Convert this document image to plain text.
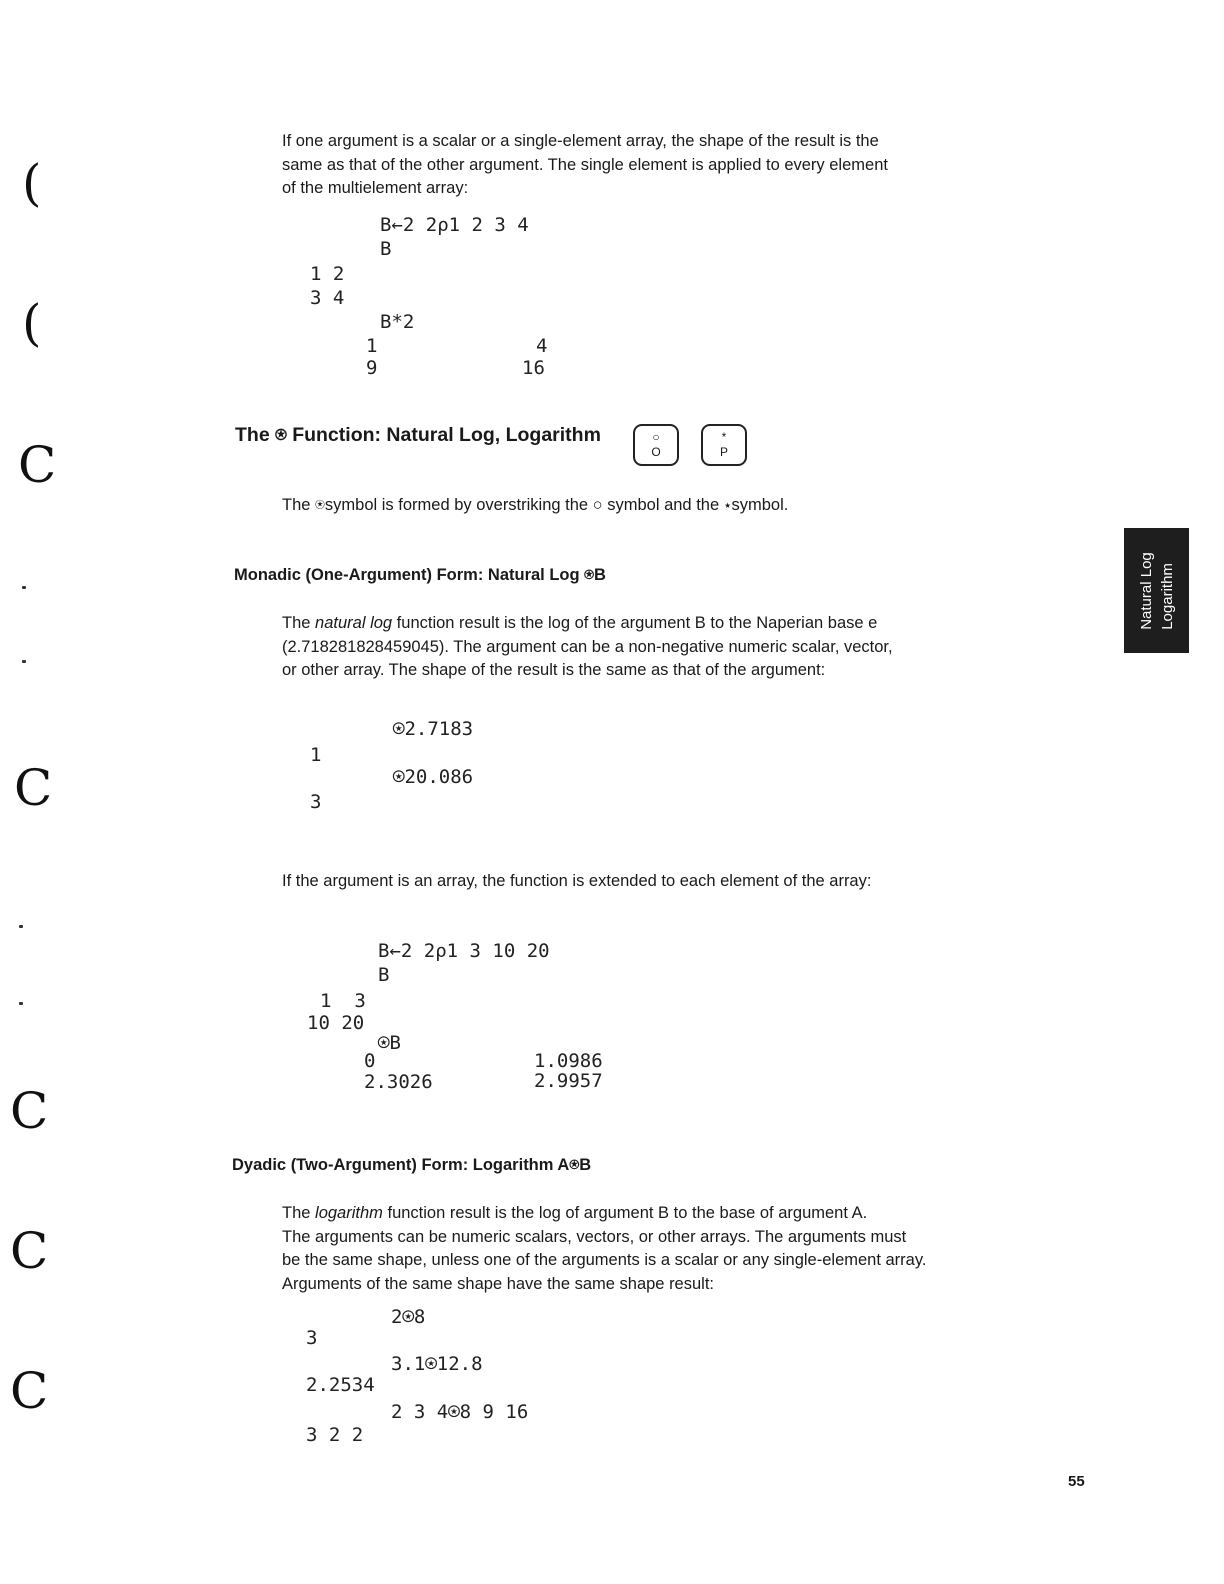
(
(
C
C
C
C
C
If one argument is a scalar or a single-element array, the shape of the result is the
same as that of the other argument. The single element is applied to every element
of the multielement array:
B←2 2ρ1 2 3 4
B
1 2
3 4
B*2
1	4
9	16
The ⍟ Function: Natural Log, Logarithm	○
O
*
P
The ⍟symbol is formed by overstriking the ○ symbol and the ⋆symbol.
Monadic (One-Argument) Form: Natural Log ⍟B
The natural log function result is the log of the argument B to the Naperian base e
(2.718281828459045). The argument can be a non-negative numeric scalar, vector,
or other array. The shape of the result is the same as that of the argument:
⍟2.7183
1
⍟20.086
3
If the argument is an array, the function is extended to each element of the array:
B←2 2ρ1 3 10 20
B
1  3
10 20
⍟B
0	1.0986
2.3026	2.9957
Dyadic (Two-Argument) Form: Logarithm A⍟B
The logarithm function result is the log of argument B to the base of argument A.
The arguments can be numeric scalars, vectors, or other arrays. The arguments must
be the same shape, unless one of the arguments is a scalar or any single-element array.
Arguments of the same shape have the same shape result:
2⍟8
3
3.1⍟12.8
2.2534
2 3 4⍟8 9 16
3 2 2
Natural Log Logarithm
55
